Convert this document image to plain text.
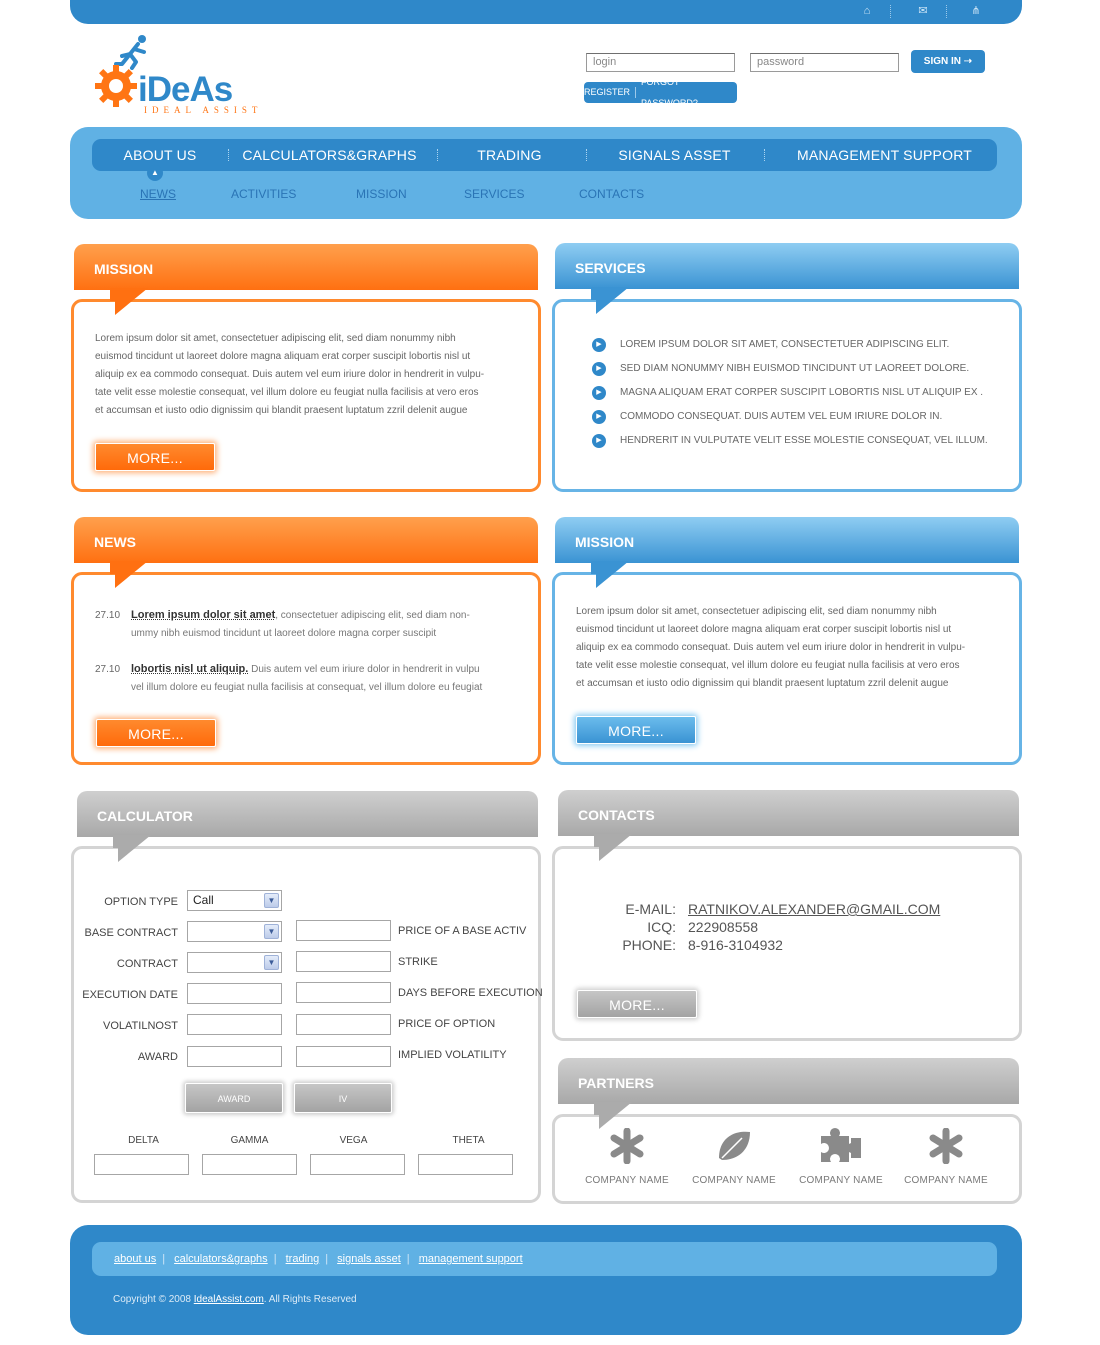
⌂	✉	⋔
iDeAs
IDEAL ASSIST
login	password	SIGN IN ⇢
REGISTER
FORGOT PASSWORD?
ABOUT US	CALCULATORS&GRAPHS	TRADING	SIGNALS ASSET	MANAGEMENT SUPPORT
▲
NEWS	ACTIVITIES	MISSION	SERVICES	CONTACTS
MISSION
Lorem ipsum dolor sit amet, consectetuer adipiscing elit, sed diam nonummy nibh
euismod tincidunt ut laoreet dolore magna aliquam erat corper suscipit lobortis nisl ut
aliquip ex ea commodo consequat. Duis autem vel eum iriure dolor in hendrerit in vulpu-
tate velit esse molestie consequat, vel illum dolore eu feugiat nulla facilisis at vero eros
et accumsan et iusto odio dignissim qui blandit praesent luptatum zzril delenit augue
MORE...
SERVICES
▶	LOREM IPSUM DOLOR SIT AMET, CONSECTETUER ADIPISCING ELIT.
▶	SED DIAM NONUMMY NIBH EUISMOD TINCIDUNT UT LAOREET DOLORE.
▶	MAGNA ALIQUAM ERAT CORPER SUSCIPIT LOBORTIS NISL UT ALIQUIP EX .
▶	COMMODO CONSEQUAT. DUIS AUTEM VEL EUM IRIURE DOLOR IN.
▶	HENDRERIT IN VULPUTATE VELIT ESSE MOLESTIE CONSEQUAT, VEL ILLUM.
NEWS
27.10 Lorem ipsum dolor sit amet, consectetuer adipiscing elit, sed diam non-
ummy nibh euismod tincidunt ut laoreet dolore magna corper suscipit
27.10 lobortis nisl ut aliquip. Duis autem vel eum iriure dolor in hendrerit in vulpu
vel illum dolore eu feugiat nulla facilisis at consequat, vel illum dolore eu feugiat
MORE...
MISSION
Lorem ipsum dolor sit amet, consectetuer adipiscing elit, sed diam nonummy nibh
euismod tincidunt ut laoreet dolore magna aliquam erat corper suscipit lobortis nisl ut
aliquip ex ea commodo consequat. Duis autem vel eum iriure dolor in hendrerit in vulpu-
tate velit esse molestie consequat, vel illum dolore eu feugiat nulla facilisis at vero eros
et accumsan et iusto odio dignissim qui blandit praesent luptatum zzril delenit augue
MORE...
CALCULATOR
OPTION TYPE	Call	▼
BASE CONTRACT	▼	PRICE OF A BASE ACTIV
CONTRACT	▼	STRIKE
EXECUTION DATE	DAYS BEFORE EXECUTION
VOLATILNOST	PRICE OF OPTION
AWARD	IMPLIED VOLATILITY
AWARD	IV
DELTA	GAMMA	VEGA	THETA
CONTACTS
E-MAIL: RATNIKOV.ALEXANDER@GMAIL.COM
ICQ: 222908558
PHONE: 8-916-3104932
MORE...
PARTNERS
COMPANY NAME	COMPANY NAME	COMPANY NAME	COMPANY NAME
about us | calculators&graphs | trading | signals asset | management support
Copyright © 2008 IdealAssist.com. All Rights Reserved
